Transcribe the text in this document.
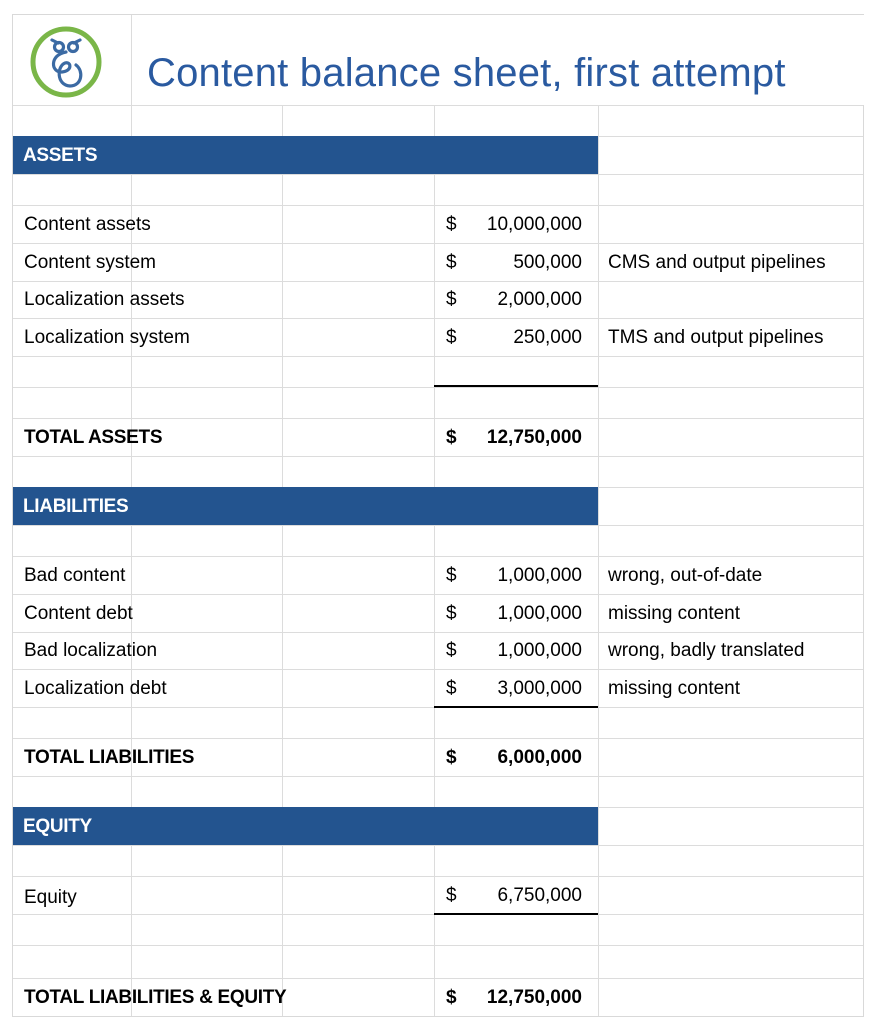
Content balance sheet, first attempt
ASSETS
Content assets	$	10,000,000
Content system	$	500,000 CMS and output pipelines
Localization assets	$	2,000,000
Localization system	$	250,000 TMS and output pipelines
TOTAL ASSETS	$	12,750,000
LIABILITIES
Bad content	$	1,000,000 wrong, out-of-date
Content debt	$	1,000,000 missing content
Bad localization	$	1,000,000 wrong, badly translated
Localization debt	$	3,000,000 missing content
TOTAL LIABILITIES	$	6,000,000
EQUITY
Equity	$	6,750,000
TOTAL LIABILITIES & EQUITY	$	12,750,000
